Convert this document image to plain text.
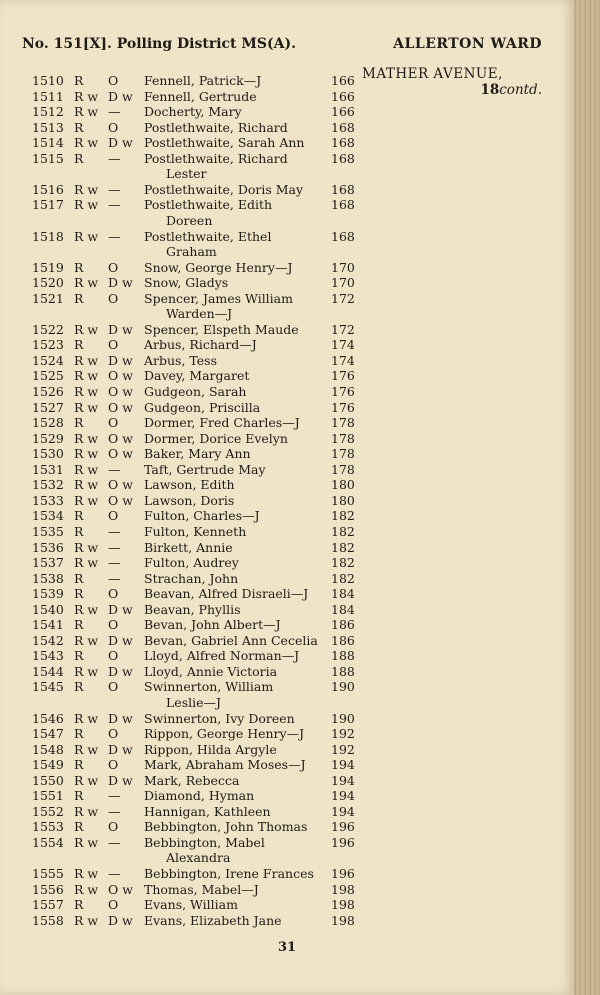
No. 151[X]. Polling District MS(A).	ALLERTON WARD
MATHER AVENUE,
18contd.
1510 R O Fennell, Patrick—J	166
1511 R w D w Fennell, Gertrude	166
1512 R w — Docherty, Mary	166
1513 R O Postlethwaite, Richard	168
1514 R w D w Postlethwaite, Sarah Ann 168
1515 R — Postlethwaite, Richard	168
Lester
1516 R w — Postlethwaite, Doris May 168
1517 R w — Postlethwaite, Edith	168
Doreen
1518 R w — Postlethwaite, Ethel	168
Graham
1519 R O Snow, George Henry—J	170
1520 R w D w Snow, Gladys	170
1521 R O Spencer, James William	172
Warden—J
1522 R w D w Spencer, Elspeth Maude	172
1523 R O Arbus, Richard—J	174
1524 R w D w Arbus, Tess	174
1525 R w O w Davey, Margaret	176
1526 R w O w Gudgeon, Sarah	176
1527 R w O w Gudgeon, Priscilla	176
1528 R O Dormer, Fred Charles—J	178
1529 R w O w Dormer, Dorice Evelyn	178
1530 R w O w Baker, Mary Ann	178
1531 R w — Taft, Gertrude May	178
1532 R w O w Lawson, Edith	180
1533 R w O w Lawson, Doris	180
1534 R O Fulton, Charles—J	182
1535 R — Fulton, Kenneth	182
1536 R w — Birkett, Annie	182
1537 R w — Fulton, Audrey	182
1538 R — Strachan, John	182
1539 R O Beavan, Alfred Disraeli—J 184
1540 R w D w Beavan, Phyllis	184
1541 R O Bevan, John Albert—J	186
1542 R w D w Bevan, Gabriel Ann Cecelia 186
1543 R O Lloyd, Alfred Norman—J	188
1544 R w D w Lloyd, Annie Victoria	188
1545 R O Swinnerton, William	190
Leslie—J
1546 R w D w Swinnerton, Ivy Doreen	190
1547 R O Rippon, George Henry—J 192
1548 R w D w Rippon, Hilda Argyle	192
1549 R O Mark, Abraham Moses—J 194
1550 R w D w Mark, Rebecca	194
1551 R — Diamond, Hyman	194
1552 R w — Hannigan, Kathleen	194
1553 R O Bebbington, John Thomas 196
1554 R w — Bebbington, Mabel	196
Alexandra
1555 R w — Bebbington, Irene Frances 196
1556 R w O w Thomas, Mabel—J	198
1557 R O Evans, William	198
1558 R w D w Evans, Elizabeth Jane	198
31
